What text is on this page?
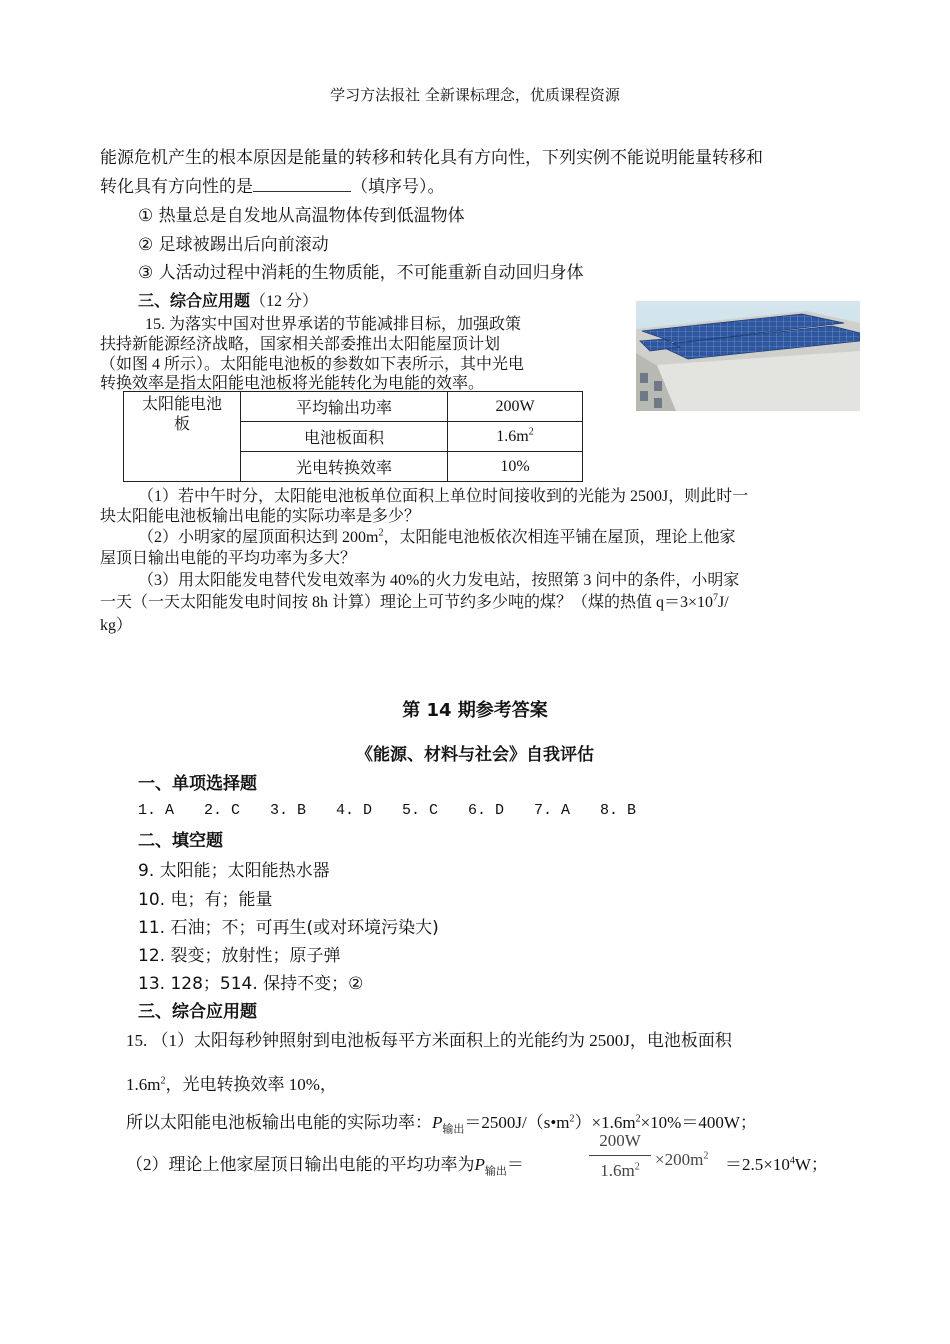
学习方法报社 全新课标理念，优质课程资源
能源危机产生的根本原因是能量的转移和转化具有方向性，下列实例不能说明能量转移和
转化具有方向性的是	（填序号）。
① 热量总是自发地从高温物体传到低温物体
② 足球被踢出后向前滚动
③ 人活动过程中消耗的生物质能，不可能重新自动回归身体
三、综合应用题（12 分）
15. 为落实中国对世界承诺的节能减排目标，加强政策
扶持新能源经济战略，国家相关部委推出太阳能屋顶计划
（如图 4 所示）。太阳能电池板的参数如下表所示，其中光电
转换效率是指太阳能电池板将光能转化为电能的效率。
太阳能电池
板	平均输出功率	200W
	电池板面积	$1.6m^2$
	光电转换效率	10%
（1）若中午时分，太阳能电池板单位面积上单位时间接收到的光能为 2500J，则此时一
块太阳能电池板输出电能的实际功率是多少？
（2）小明家的屋顶面积达到 $200m^2$，太阳能电池板依次相连平铺在屋顶，理论上他家
屋顶日输出电能的平均功率为多大？
（3）用太阳能发电替代发电效率为 40%的火力发电站，按照第 3 问中的条件，小明家
一天（一天太阳能发电时间按 8h 计算）理论上可节约多少吨的煤？（煤的热值 $q=3\times 10^7J/$
kg）
第 14 期参考答案
《能源、材料与社会》自我评估
一、单项选择题
1. A　　2. C　　3. B　　4. D　　5. C　　6. D　　7. A　　8. B
二、填空题
9. 太阳能；太阳能热水器
10. 电；有；能量
11. 石油；不；可再生(或对环境污染大)
12. 裂变；放射性；原子弹
13. 128；514. 保持不变；②
三、综合应用题
15. （1）太阳每秒钟照射到电池板每平方米面积上的光能约为 2500J，电池板面积
$1.6m^2$，光电转换效率 10%，
所以太阳能电池板输出电能的实际功率：$P_{输出}=2500J/(s•m^2)\times 1.6m^2\times 10\%=400W$；
（2）理论上他家屋顶日输出电能的平均功率为$P_{输出}=$
200W
$1.6m^2 \times 200m^2 =2.5\times 10^4W$；
